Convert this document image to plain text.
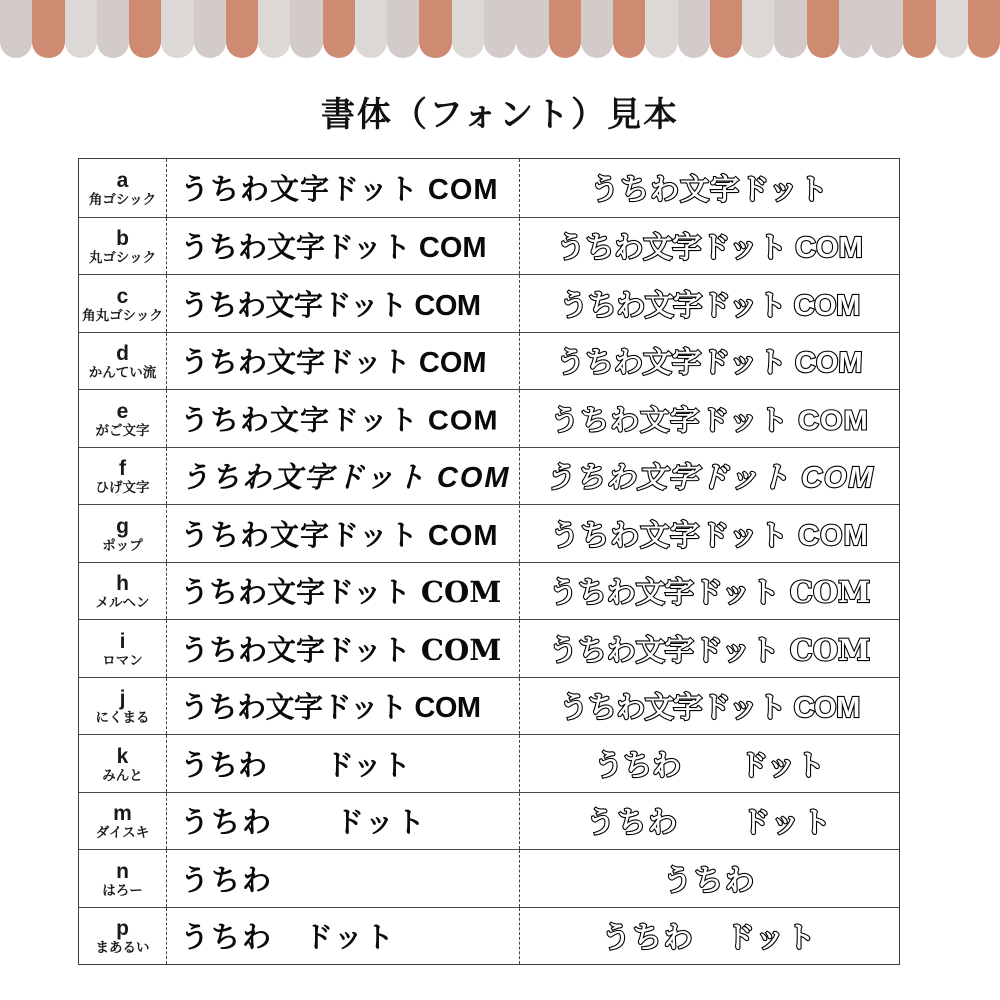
書体（フォント）見本
a
角ゴシック うちわ文字ドット COM	うちわ文字ドット
b
丸ゴシック うちわ文字ドット COM うちわ文字ドット COM
c
角丸ゴシック うちわ文字ドット COM	うちわ文字ドット COM
d
かんてい流 うちわ文字ドット COM うちわ文字ドット COM
e
がご文字 うちわ文字ドット COM うちわ文字ドット COM
f
ひげ文字 うちわ文字ドット COM うちわ文字ドット COM
g
ポップ うちわ文字ドット COM うちわ文字ドット COM
h
メルヘン うちわ文字ドット COM うちわ文字ドット COM
i
ロマン うちわ文字ドット COM うちわ文字ドット COM
j
にくまる うちわ文字ドット COM	うちわ文字ドット COM
k
みんと うちわ　　ドット	うちわ　　ドット
m
ダイスキ うちわ　　ドット	うちわ　　ドット
n
はろー うちわ	うちわ
p
まあるい うちわ　ドット	うちわ　ドット
